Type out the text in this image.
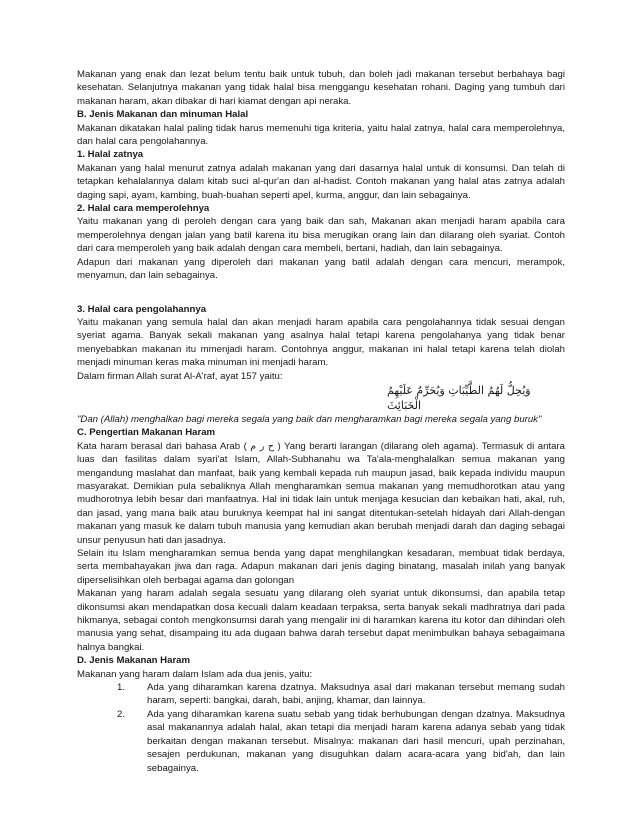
Makanan yang enak dan lezat belum tentu baik untuk tubuh, dan boleh jadi makanan tersebut berbahaya bagi kesehatan. Selanjutnya makanan yang tidak halal bisa menggangu kesehatan rohani. Daging yang tumbuh dari makanan haram, akan dibakar di hari kiamat dengan api neraka.

B. Jenis Makanan dan minuman Halal

Makanan dikatakan halal paling tidak harus memenuhi tiga kriteria, yaitu halal zatnya, halal cara memperolehnya, dan halal cara pengolahannya.

1. Halal zatnya

Makanan yang halal menurut zatnya adalah makanan yang dari dasarnya halal untuk di konsumsi. Dan telah di tetapkan kehalalannya dalam kitab suci al-qur'an dan al-hadist. Contoh makanan yang halal atas zatnya adalah daging sapi, ayam, kambing, buah-buahan seperti apel, kurma, anggur, dan lain sebagainya.

2. Halal cara memperolehnya

Yaitu makanan yang di peroleh dengan cara yang baik dan sah, Makanan akan menjadi haram apabila cara memperolehnya dengan jalan yang batil karena itu bisa merugikan orang lain dan dilarang oleh syariat. Contoh dari cara memperoleh yang baik adalah dengan cara membeli, bertani, hadiah, dan lain sebagainya.

Adapun dari makanan yang diperoleh dari makanan yang batil adalah dengan cara mencuri, merampok, menyamun, dan lain sebagainya.

3. Halal cara pengolahannya

Yaitu makanan yang semula halal dan akan menjadi haram apabila cara pengolahannya tidak sesuai dengan syeriat agama. Banyak sekali makanan yang asalnya halal tetapi karena pengolahanya yang tidak benar menyebabkan makanan itu mmenjadi haram. Contohnya anggur, makanan ini halal tetapi karena telah diolah menjadi minuman keras maka minuman ini menjadi haram.

Dalam firman Allah surat Al-A'raf, ayat 157 yaitu:

وَيُحِلُّ لَهُمُ الطَّيِّبَاتِ وَيُحَرِّمُ عَلَيْهِمُ الْخَبَائِثَ

"Dan (Allah) menghalkan bagi mereka segala yang baik dan mengharamkan bagi mereka segala yang buruk"

C. Pengertian Makanan Haram

Kata haram berasal dari bahasa Arab ( ح ر م ) Yang berarti larangan (dilarang oleh agama). Termasuk di antara luas dan fasilitas dalam syari'at Islam, Allah-Subhanahu wa Ta'ala-menghalalkan semua makanan yang mengandung maslahat dan manfaat, baik yang kembali kepada ruh maupun jasad, baik kepada individu maupun masyarakat. Demikian pula sebaliknya Allah mengharamkan semua makanan yang memudhorotkan atau yang mudhorotnya lebih besar dari manfaatnya. Hal ini tidak lain untuk menjaga kesucian dan kebaikan hati, akal, ruh, dan jasad, yang mana baik atau buruknya keempat hal ini sangat ditentukan-setelah hidayah dari Allah-dengan makanan yang masuk ke dalam tubuh manusia yang kemudian akan berubah menjadi darah dan daging sebagai unsur penyusun hati dan jasadnya.

Selain itu Islam mengharamkan semua benda yang dapat menghilangkan kesadaran, membuat tidak berdaya, serta membahayakan jiwa dan raga. Adapun makanan dari jenis daging binatang, masalah inilah yang banyak diperselisihkan oleh berbagai agama dan golongan

Makanan yang haram adalah segala sesuatu yang dilarang oleh syariat untuk dikonsumsi, dan apabila tetap dikonsumsi akan mendapatkan dosa kecuali dalam keadaan terpaksa, serta banyak sekali madhratnya dari pada hikmanya, sebagai contoh mengkonsumsi darah yang mengalir ini di haramkan karena itu kotor dan dihindari oleh manusia yang sehat, disampaing itu ada dugaan bahwa darah tersebut dapat menimbulkan bahaya sebagaimana halnya bangkai.

D. Jenis Makanan Haram

Makanan yang haram dalam Islam ada dua jenis, yaitu:

1.	Ada yang diharamkan karena dzatnya. Maksudnya asal dari makanan tersebut memang sudah haram, seperti: bangkai, darah, babi, anjing, khamar, dan lainnya.
2.	Ada yang diharamkan karena suatu sebab yang tidak berhubungan dengan dzatnya. Maksudnya asal makanannya adalah halal, akan tetapi dia menjadi haram karena adanya sebab yang tidak berkaitan dengan makanan tersebut. Misalnya: makanan dari hasil mencuri, upah perzinahan, sesajen perdukunan, makanan yang disuguhkan dalam acara-acara yang bid'ah, dan lain sebagainya.
